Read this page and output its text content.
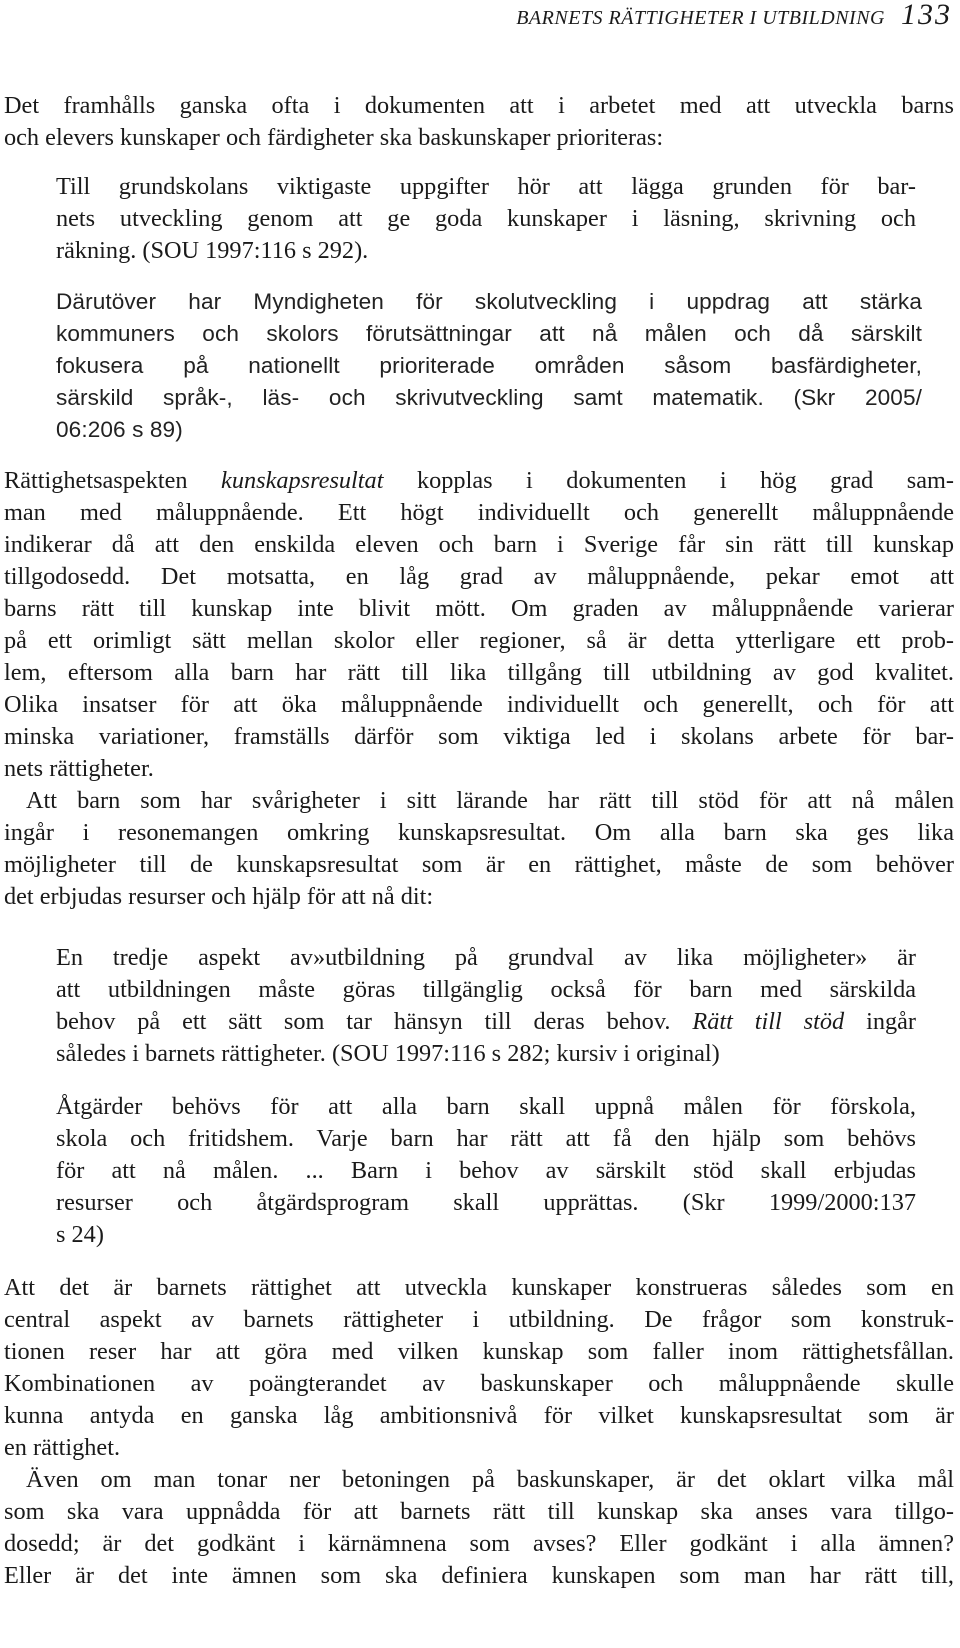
BARNETS RÄTTIGHETER I UTBILDNING 133
Det framhålls ganska ofta i dokumenten att i arbetet med att utveckla barns
och elevers kunskaper och färdigheter ska baskunskaper prioriteras:
Till grundskolans viktigaste uppgifter hör att lägga grunden för bar-
nets utveckling genom att ge goda kunskaper i läsning, skrivning och
räkning. (SOU 1997:116 s 292).
Därutöver har Myndigheten för skolutveckling i uppdrag att stärka
kommuners och skolors förutsättningar att nå målen och då särskilt
fokusera på nationellt prioriterade områden såsom basfärdigheter,
särskild språk-, läs- och skrivutveckling samt matematik. (Skr 2005/
06:206 s 89)
Rättighetsaspekten kunskapsresultat kopplas i dokumenten i hög grad sam-
man med måluppnående. Ett högt individuellt och generellt måluppnående
indikerar då att den enskilda eleven och barn i Sverige får sin rätt till kunskap
tillgodosedd. Det motsatta, en låg grad av måluppnående, pekar emot att
barns rätt till kunskap inte blivit mött. Om graden av måluppnående varierar
på ett orimligt sätt mellan skolor eller regioner, så är detta ytterligare ett prob-
lem, eftersom alla barn har rätt till lika tillgång till utbildning av god kvalitet.
Olika insatser för att öka måluppnående individuellt och generellt, och för att
minska variationer, framställs därför som viktiga led i skolans arbete för bar-
nets rättigheter.
Att barn som har svårigheter i sitt lärande har rätt till stöd för att nå målen
ingår i resonemangen omkring kunskapsresultat. Om alla barn ska ges lika
möjligheter till de kunskapsresultat som är en rättighet, måste de som behöver
det erbjudas resurser och hjälp för att nå dit:
En tredje aspekt av»utbildning på grundval av lika möjligheter» är
att utbildningen måste göras tillgänglig också för barn med särskilda
behov på ett sätt som tar hänsyn till deras behov. Rätt till stöd ingår
således i barnets rättigheter. (SOU 1997:116 s 282; kursiv i original)
Åtgärder behövs för att alla barn skall uppnå målen för förskola,
skola och fritidshem. Varje barn har rätt att få den hjälp som behövs
för att nå målen. ... Barn i behov av särskilt stöd skall erbjudas
resurser och åtgärdsprogram skall upprättas. (Skr 1999/2000:137
s 24)
Att det är barnets rättighet att utveckla kunskaper konstrueras således som en
central aspekt av barnets rättigheter i utbildning. De frågor som konstruk-
tionen reser har att göra med vilken kunskap som faller inom rättighetsfållan.
Kombinationen av poängterandet av baskunskaper och måluppnående skulle
kunna antyda en ganska låg ambitionsnivå för vilket kunskapsresultat som är
en rättighet.
Även om man tonar ner betoningen på baskunskaper, är det oklart vilka mål
som ska vara uppnådda för att barnets rätt till kunskap ska anses vara tillgo-
dosedd; är det godkänt i kärnämnena som avses? Eller godkänt i alla ämnen?
Eller är det inte ämnen som ska definiera kunskapen som man har rätt till,
